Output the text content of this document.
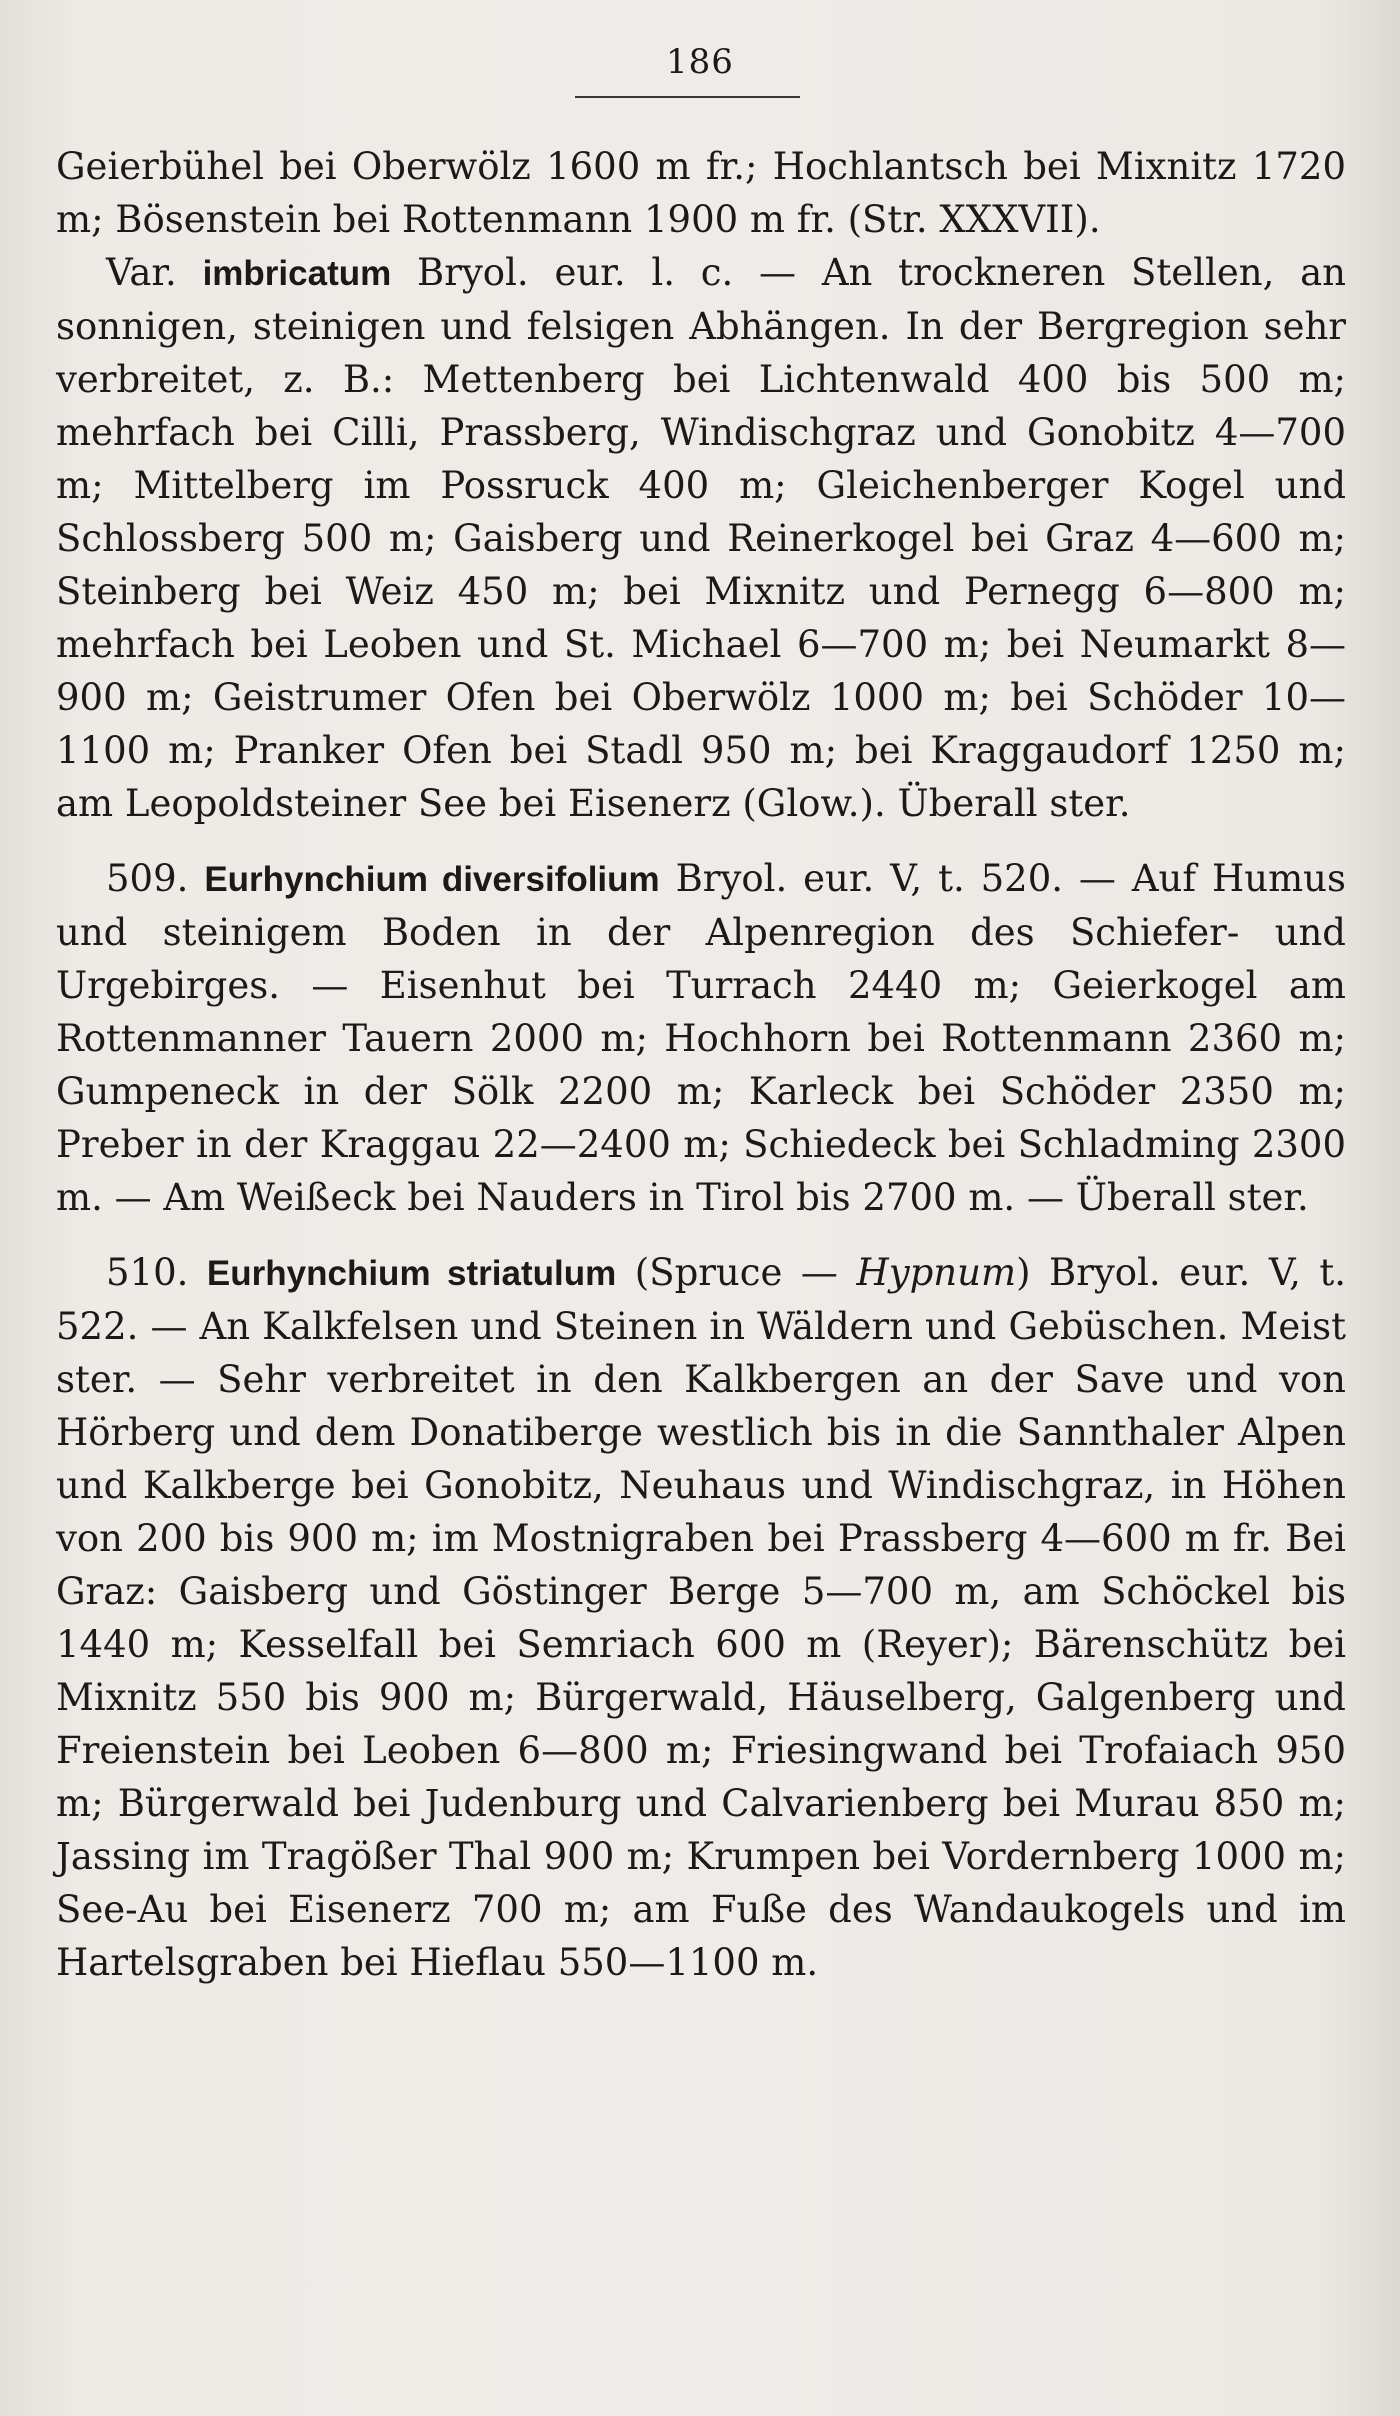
186

Geierbühel bei Oberwölz 1600 m fr.; Hochlantsch bei Mixnitz 1720 m; Bösenstein bei Rottenmann 1900 m fr. (Str. XXXVII).

Var. imbricatum Bryol. eur. l. c. — An trockneren Stellen, an sonnigen, steinigen und felsigen Abhängen. In der Bergregion sehr verbreitet, z. B.: Mettenberg bei Lichtenwald 400 bis 500 m; mehrfach bei Cilli, Prassberg, Windischgraz und Gonobitz 4—700 m; Mittelberg im Possruck 400 m; Gleichenberger Kogel und Schlossberg 500 m; Gaisberg und Reinerkogel bei Graz 4—600 m; Steinberg bei Weiz 450 m; bei Mixnitz und Pernegg 6—800 m; mehrfach bei Leoben und St. Michael 6—700 m; bei Neumarkt 8—900 m; Geistrumer Ofen bei Oberwölz 1000 m; bei Schöder 10—1100 m; Pranker Ofen bei Stadl 950 m; bei Kraggaudorf 1250 m; am Leopoldsteiner See bei Eisenerz (Glow.). Überall ster.

509. Eurhynchium diversifolium Bryol. eur. V, t. 520. — Auf Humus und steinigem Boden in der Alpenregion des Schiefer- und Urgebirges. — Eisenhut bei Turrach 2440 m; Geierkogel am Rottenmanner Tauern 2000 m; Hochhorn bei Rottenmann 2360 m; Gumpeneck in der Sölk 2200 m; Karleck bei Schöder 2350 m; Preber in der Kraggau 22—2400 m; Schiedeck bei Schladming 2300 m. — Am Weißeck bei Nauders in Tirol bis 2700 m. — Überall ster.

510. Eurhynchium striatulum (Spruce — Hypnum) Bryol. eur. V, t. 522. — An Kalkfelsen und Steinen in Wäldern und Gebüschen. Meist ster. — Sehr verbreitet in den Kalkbergen an der Save und von Hörberg und dem Donatiberge westlich bis in die Sannthaler Alpen und Kalkberge bei Gonobitz, Neuhaus und Windischgraz, in Höhen von 200 bis 900 m; im Mostnigraben bei Prassberg 4—600 m fr. Bei Graz: Gaisberg und Göstinger Berge 5—700 m, am Schöckel bis 1440 m; Kesselfall bei Semriach 600 m (Reyer); Bärenschütz bei Mixnitz 550 bis 900 m; Bürgerwald, Häuselberg, Galgenberg und Freienstein bei Leoben 6—800 m; Friesingwand bei Trofaiach 950 m; Bürgerwald bei Judenburg und Calvarienberg bei Murau 850 m; Jassing im Tragößer Thal 900 m; Krumpen bei Vordernberg 1000 m; See-Au bei Eisenerz 700 m; am Fuße des Wandaukogels und im Hartelsgraben bei Hieflau 550—1100 m.
